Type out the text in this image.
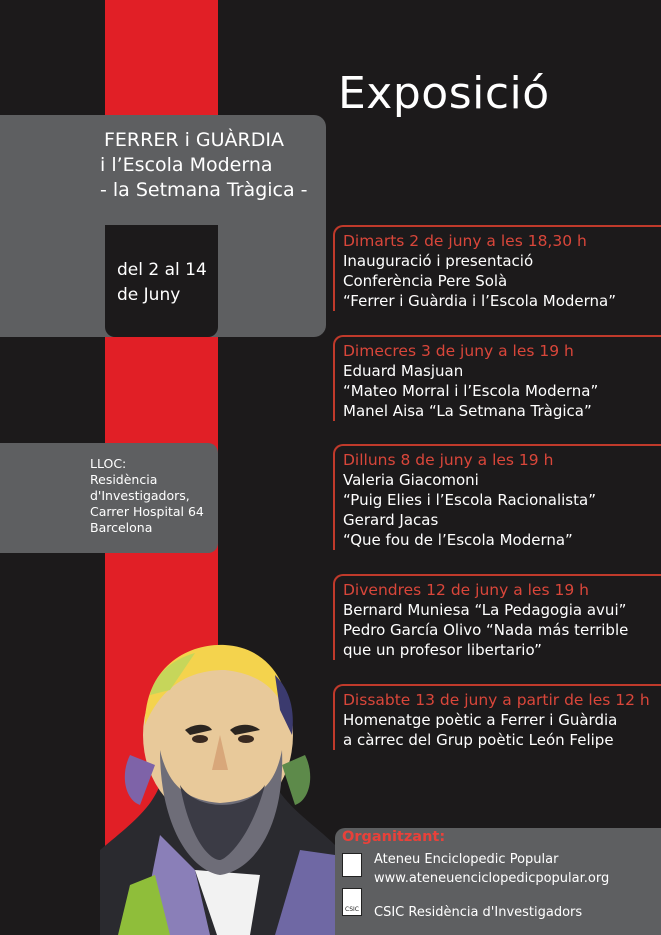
Exposició
FERRER i GUÀRDIA
i l’Escola Moderna
- la Setmana Tràgica -
del 2 al 14
de Juny
LLOC:
Residència
d'Investigadors,
Carrer Hospital 64
Barcelona
Dimarts 2 de juny a les 18,30 h
Inauguració i presentació
Conferència Pere Solà
“Ferrer i Guàrdia i l’Escola Moderna”
Dimecres 3 de juny a les 19 h
Eduard Masjuan
“Mateo Morral i l’Escola Moderna”
Manel Aisa “La Setmana Tràgica”
Dilluns 8 de juny a les 19 h
Valeria Giacomoni
“Puig Elies i l’Escola Racionalista”
Gerard Jacas
“Que fou de l’Escola Moderna”
Divendres 12 de juny a les 19 h
Bernard Muniesa “La Pedagogia avui”
Pedro García Olivo “Nada más terrible
que un profesor libertario”
Dissabte 13 de juny a partir de les 12 h
Homenatge poètic a Ferrer i Guàrdia
a càrrec del Grup poètic León Felipe
Organitzant:
Ateneu Enciclopedic Popular
www.ateneuenciclopedicpopular.org
CSIC CSIC Residència d'Investigadors
